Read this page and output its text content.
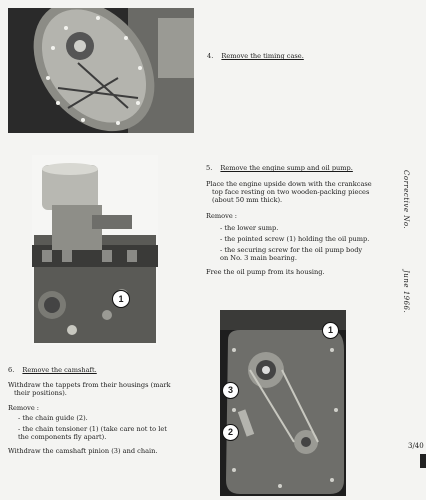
4. Remove the timing case.
1
5. Remove the engine sump and oil pump.
Place the engine upside down with the crankcase
top face resting on two wooden-packing pieces
(about 50 mm thick).
Remove :
- the lower sump.
- the pointed screw (1) holding the oil pump.
- the securing screw for the oil pump body
on No. 3 main bearing.
Free the oil pump from its housing.
Corrective No.
June 1966.
6. Remove the camshaft.
Withdraw the tappets from their housings (mark
their positions).
Remove :
- the chain guide (2).
- the chain tensioner (1) (take care not to let
the components fly apart).
Withdraw the camshaft pinion (3) and chain.
1
3
2
3/40
